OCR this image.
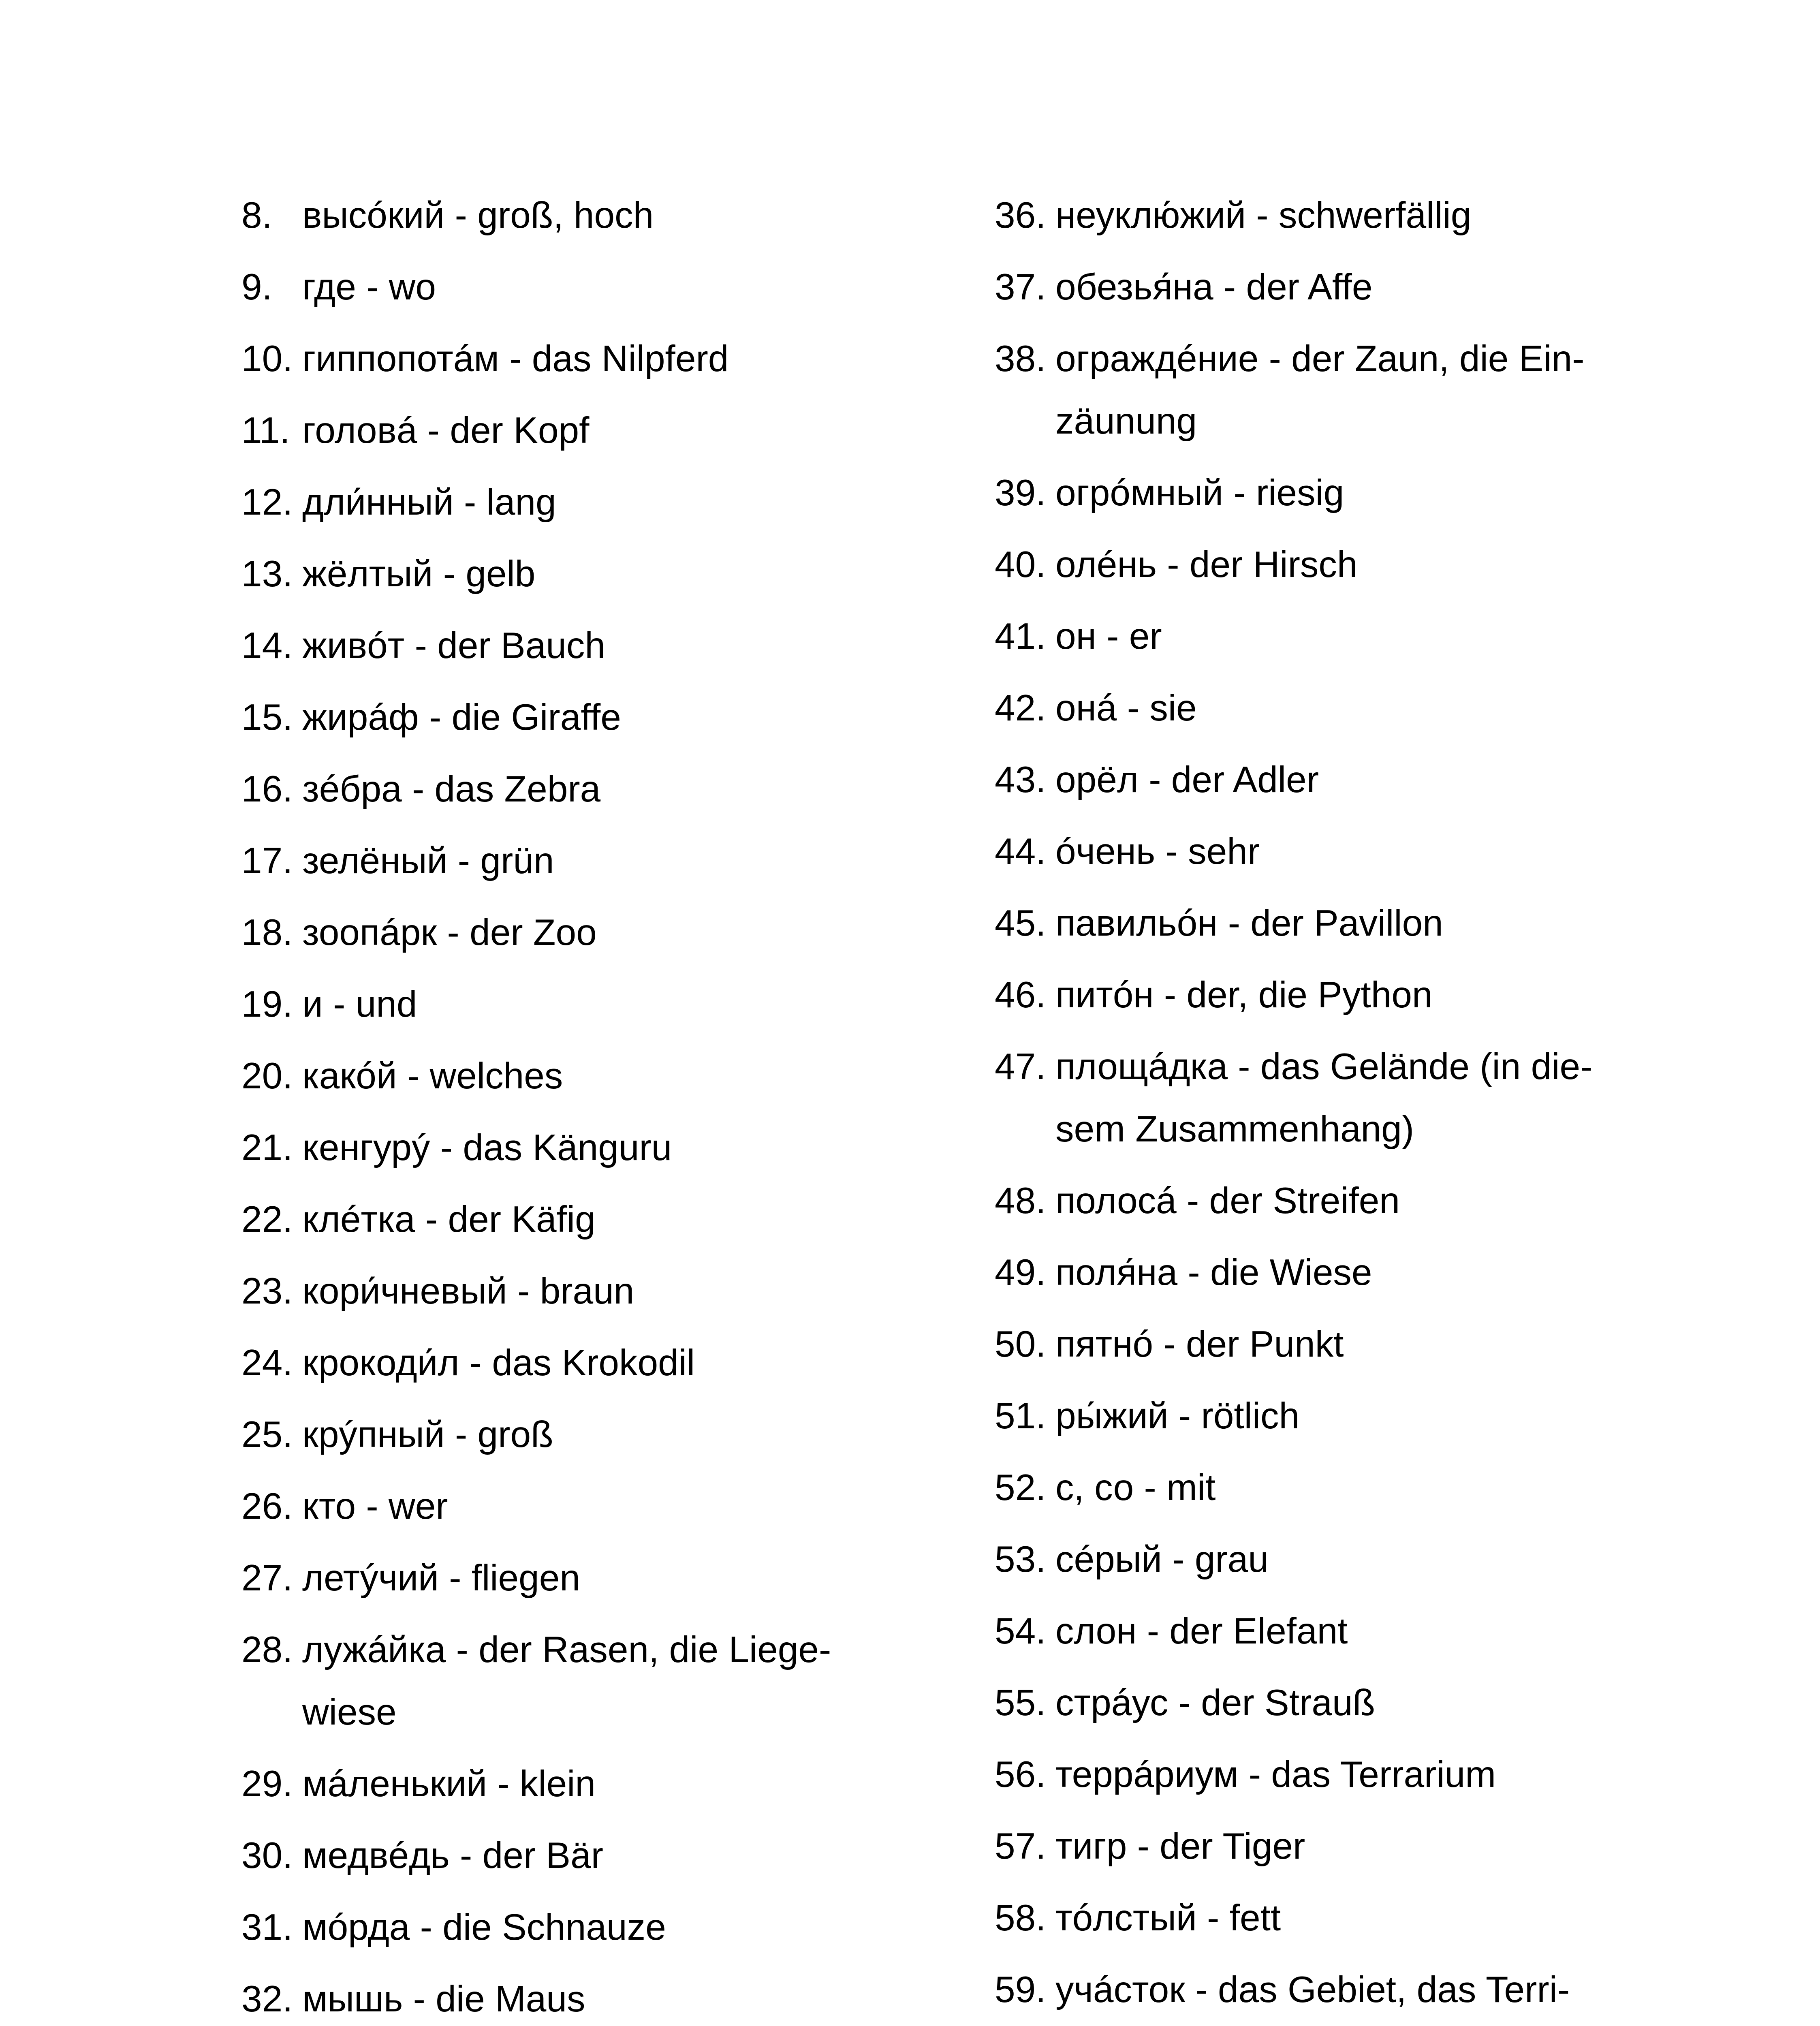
8. высóкий - groß, hoch
9. где - wo
10. гиппопотáм - das Nilpferd
11. головá - der Kopf
12. дли́нный - lang
13. жёлтый - gelb
14. живóт - der Bauch
15. жирáф - die Giraffe
16. зéбра - das Zebra
17. зелёный - grün
18. зоопáрк - der Zoo
19. и - und
20. какóй - welches
21. кенгурý - das Känguru
22. клéтка - der Käfig
23. кори́чневый - braun
24. крокоди́л - das Krokodil
25. крýпный - groß
26. кто - wer
27. летýчий - fliegen
28. лужáйка - der Rasen, die Liege-
wiese
29. мáленький - klein
30. медвéдь - der Bär
31. мóрда - die Schnauze
32. мышь - die Maus
36. неуклю́жий - schwerfällig
37. обезья́на - der Affe
38. ограждéние - der Zaun, die Ein-
zäunung
39. огрóмный - riesig
40. олéнь - der Hirsch
41. он - er
42. онá - sie
43. орёл - der Adler
44. óчень - sehr
45. павильóн - der Pavillon
46. питóн - der, die Python
47. площáдка - das Gelände (in die-
sem Zusammenhang)
48. полосá - der Streifen
49. поля́на - die Wiese
50. пятнó - der Punkt
51. ры́жий - rötlich
52. с, со - mit
53. сéрый - grau
54. слон - der Elefant
55. стрáус - der Strauß
56. террáриум - das Terrarium
57. тигр - der Tiger
58. тóлстый - fett
59. учáсток - das Gebiet, das Terri-
